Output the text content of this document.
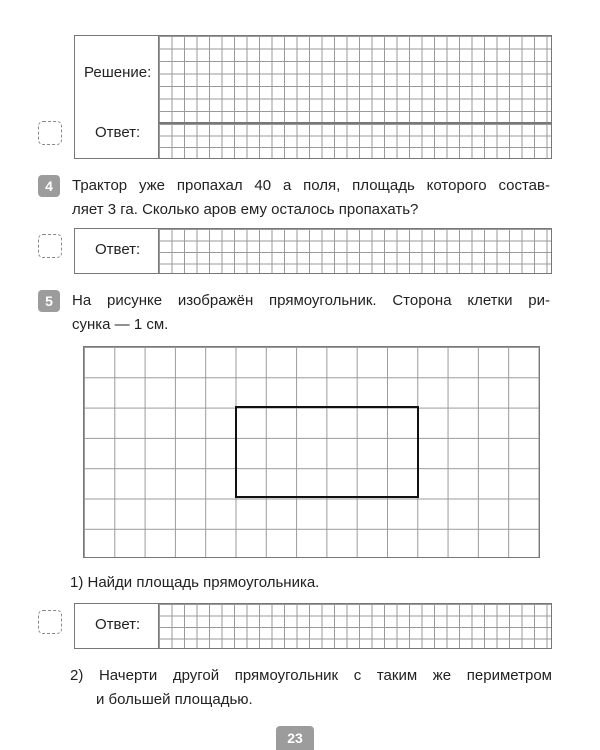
Решение:
Ответ:
4	Трактор уже пропахал 40 а поля, площадь которого состав-
ляет 3 га. Сколько аров ему осталось пропахать?
Ответ:
5	На рисунке изображён прямоугольник. Сторона клетки ри-
сунка — 1 см.
1) Найди площадь прямоугольника.
Ответ:
2) Начерти другой прямоугольник с таким же периметром
и большей площадью.
23
